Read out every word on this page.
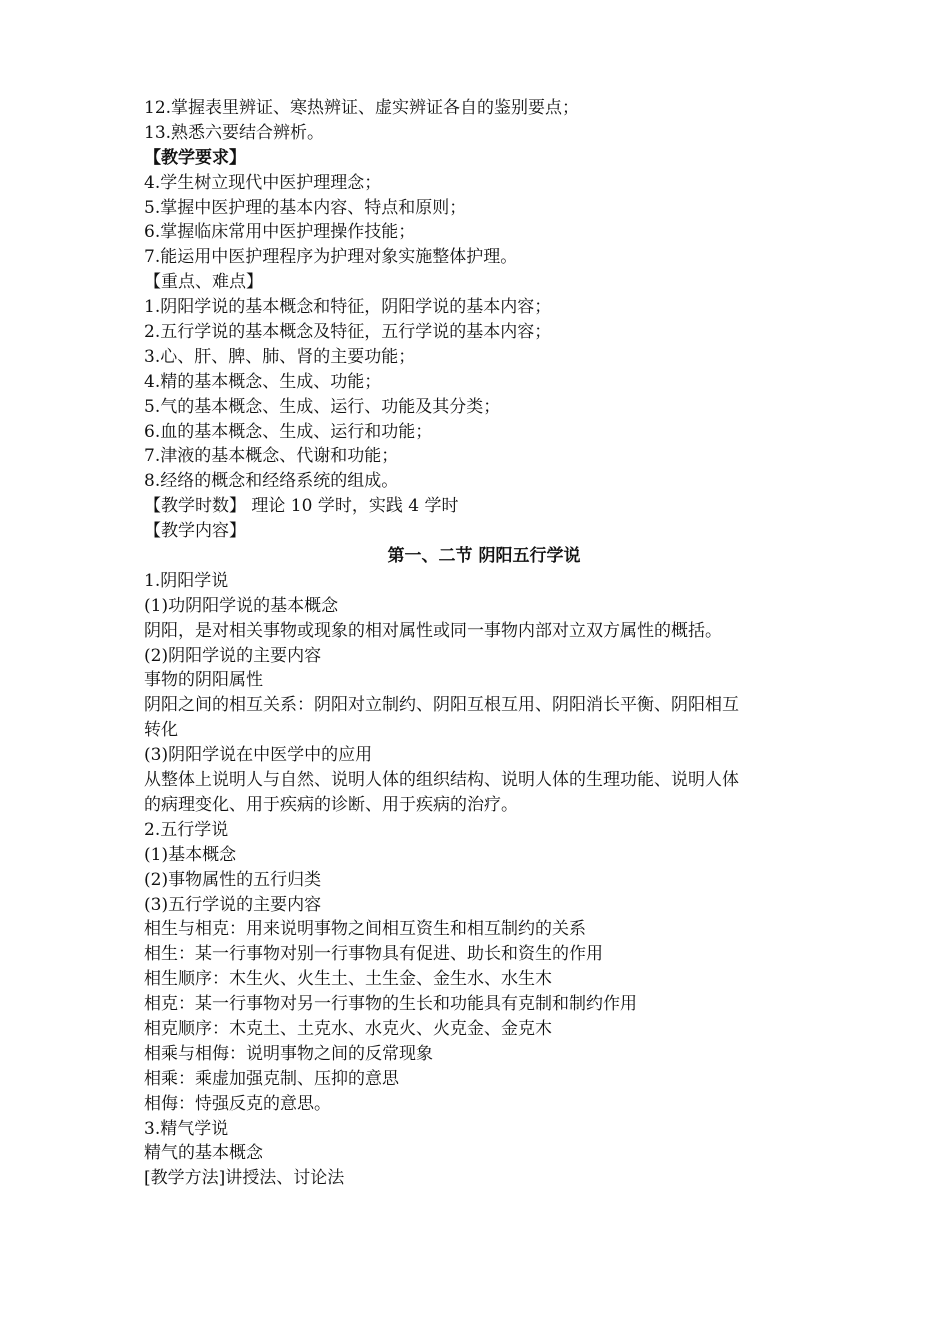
12.掌握表里辨证、寒热辨证、虚实辨证各自的鉴别要点；
13.熟悉六要结合辨析。
【教学要求】
4.学生树立现代中医护理理念；
5.掌握中医护理的基本内容、特点和原则；
6.掌握临床常用中医护理操作技能；
7.能运用中医护理程序为护理对象实施整体护理。
【重点、难点】
1.阴阳学说的基本概念和特征，阴阳学说的基本内容；
2.五行学说的基本概念及特征，五行学说的基本内容；
3.心、肝、脾、肺、肾的主要功能；
4.精的基本概念、生成、功能；
5.气的基本概念、生成、运行、功能及其分类；
6.血的基本概念、生成、运行和功能；
7.津液的基本概念、代谢和功能；
8.经络的概念和经络系统的组成。
【教学时数】 理论 10 学时，实践 4 学时
【教学内容】
第一、二节 阴阳五行学说
1.阴阳学说
(1)功阴阳学说的基本概念
阴阳，是对相关事物或现象的相对属性或同一事物内部对立双方属性的概括。
(2)阴阳学说的主要内容
事物的阴阳属性
阴阳之间的相互关系：阴阳对立制约、阴阳互根互用、阴阳消长平衡、阴阳相互
转化
(3)阴阳学说在中医学中的应用
从整体上说明人与自然、说明人体的组织结构、说明人体的生理功能、说明人体
的病理变化、用于疾病的诊断、用于疾病的治疗。
2.五行学说
(1)基本概念
(2)事物属性的五行归类
(3)五行学说的主要内容
相生与相克：用来说明事物之间相互资生和相互制约的关系
相生：某一行事物对别一行事物具有促进、助长和资生的作用
相生顺序：木生火、火生土、土生金、金生水、水生木
相克：某一行事物对另一行事物的生长和功能具有克制和制约作用
相克顺序：木克土、土克水、水克火、火克金、金克木
相乘与相侮：说明事物之间的反常现象
相乘：乘虚加强克制、压抑的意思
相侮：恃强反克的意思。
3.精气学说
精气的基本概念
[教学方法]讲授法、讨论法
